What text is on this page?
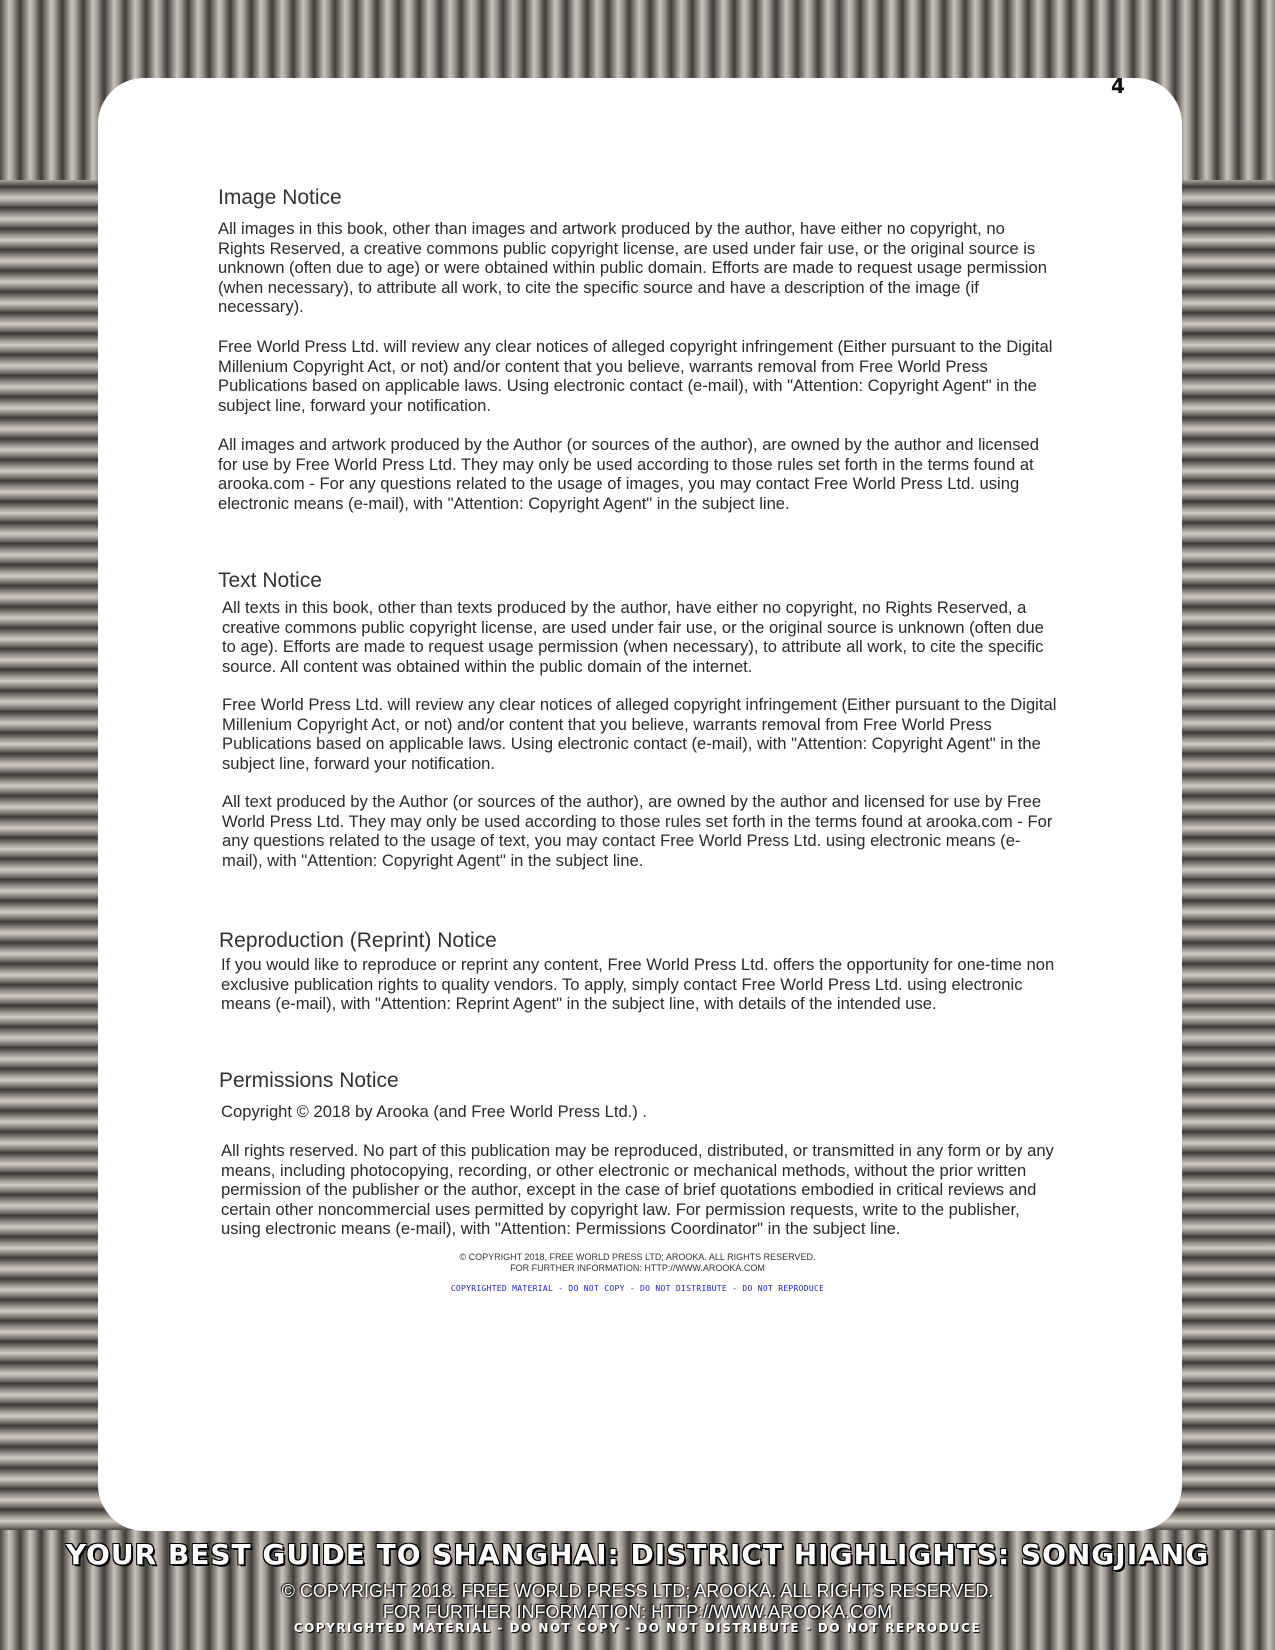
4
Image Notice

All images in this book, other than images and artwork produced by the author, have either no copyright, no Rights Reserved, a creative commons public copyright license, are used under fair use, or the original source is unknown (often due to age) or were obtained within public domain. Efforts are made to request usage permission (when necessary), to attribute all work, to cite the specific source and have a description of the image (if necessary).

Free World Press Ltd. will review any clear notices of alleged copyright infringement (Either pursuant to the Digital Millenium Copyright Act, or not) and/or content that you believe, warrants removal from Free World Press Publications based on applicable laws. Using electronic contact (e-mail), with "Attention: Copyright Agent" in the subject line, forward your notification.

All images and artwork produced by the Author (or sources of the author), are owned by the author and licensed for use by Free World Press Ltd. They may only be used according to those rules set forth in the terms found at arooka.com - For any questions related to the usage of images, you may contact Free World Press Ltd. using electronic means (e-mail), with "Attention: Copyright Agent" in the subject line.

Text Notice

All texts in this book, other than texts produced by the author, have either no copyright, no Rights Reserved, a creative commons public copyright license, are used under fair use, or the original source is unknown (often due to age). Efforts are made to request usage permission (when necessary), to attribute all work, to cite the specific source. All content was obtained within the public domain of the internet.

Free World Press Ltd. will review any clear notices of alleged copyright infringement (Either pursuant to the Digital Millenium Copyright Act, or not) and/or content that you believe, warrants removal from Free World Press Publications based on applicable laws. Using electronic contact (e-mail), with "Attention: Copyright Agent" in the subject line, forward your notification.

All text produced by the Author (or sources of the author), are owned by the author and licensed for use by Free World Press Ltd. They may only be used according to those rules set forth in the terms found at arooka.com - For any questions related to the usage of text, you may contact Free World Press Ltd. using electronic means (e-mail), with "Attention: Copyright Agent" in the subject line.

Reproduction (Reprint) Notice

If you would like to reproduce or reprint any content, Free World Press Ltd. offers the opportunity for one-time non exclusive publication rights to quality vendors. To apply, simply contact Free World Press Ltd. using electronic means (e-mail), with "Attention: Reprint Agent" in the subject line, with details of the intended use.

Permissions Notice

Copyright © 2018 by Arooka (and Free World Press Ltd.) .

All rights reserved. No part of this publication may be reproduced, distributed, or transmitted in any form or by any means, including photocopying, recording, or other electronic or mechanical methods, without the prior written permission of the publisher or the author, except in the case of brief quotations embodied in critical reviews and certain other noncommercial uses permitted by copyright law. For permission requests, write to the publisher, using electronic means (e-mail), with "Attention: Permissions Coordinator" in the subject line.

© COPYRIGHT 2018, FREE WORLD PRESS LTD; AROOKA. ALL RIGHTS RESERVED.
FOR FURTHER INFORMATION: HTTP://WWW.AROOKA.COM
COPYRIGHTED MATERIAL - DO NOT COPY - DO NOT DISTRIBUTE - DO NOT REPRODUCE
YOUR BEST GUIDE TO SHANGHAI: DISTRICT HIGHLIGHTS: SONGJIANG
© COPYRIGHT 2018. FREE WORLD PRESS LTD; AROOKA. ALL RIGHTS RESERVED.
FOR FURTHER INFORMATION: HTTP://WWW.AROOKA.COM
COPYRIGHTED MATERIAL - DO NOT COPY - DO NOT DISTRIBUTE - DO NOT REPRODUCE
